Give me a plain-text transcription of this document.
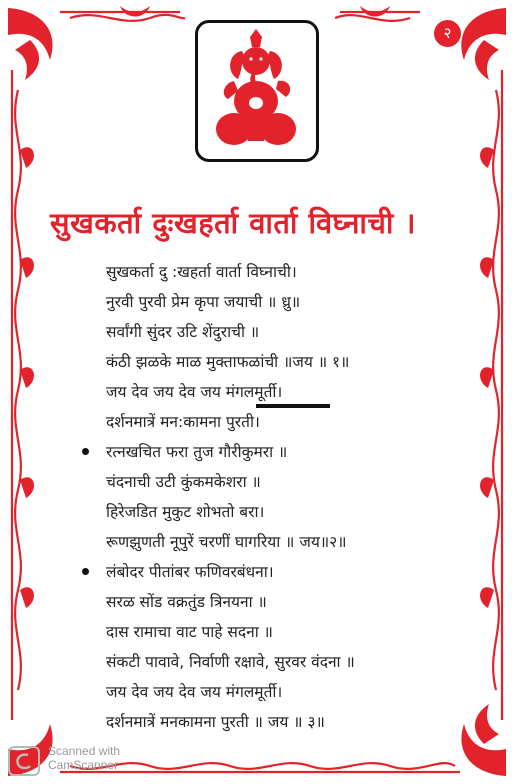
२
सुखकर्ता दुःखहर्ता वार्ता विघ्नाची ।
सुखकर्ता दु :खहर्ता वार्ता विघ्नाची।
नुरवी पुरवी प्रेम कृपा जयाची ॥ ध्रु॥
सर्वांगी सुंदर उटि शेंदुराची ॥
कंठी झळके माळ मुक्ताफळांची ॥जय ॥ १॥
जय देव जय देव जय मंगलमूर्ती।
दर्शनमात्रें मन:कामना पुरती।
रत्नखचित फरा तुज गौरीकुमरा ॥
चंदनाची उटी कुंकमकेशरा ॥
हिरेजडित मुकुट शोभतो बरा।
रूणझुणती नूपुरें चरणीं घागरिया ॥ जय॥२॥
लंबोदर पीतांबर फणिवरबंधना।
सरळ सोंड वक्रतुंड त्रिनयना ॥
दास रामाचा वाट पाहे सदना ॥
संकटी पावावे, निर्वाणी रक्षावे, सुरवर वंदना ॥
जय देव जय देव जय मंगलमूर्ती।
दर्शनमात्रें मनकामना पुरती ॥ जय ॥ ३॥
Scanned with
CamScanner
